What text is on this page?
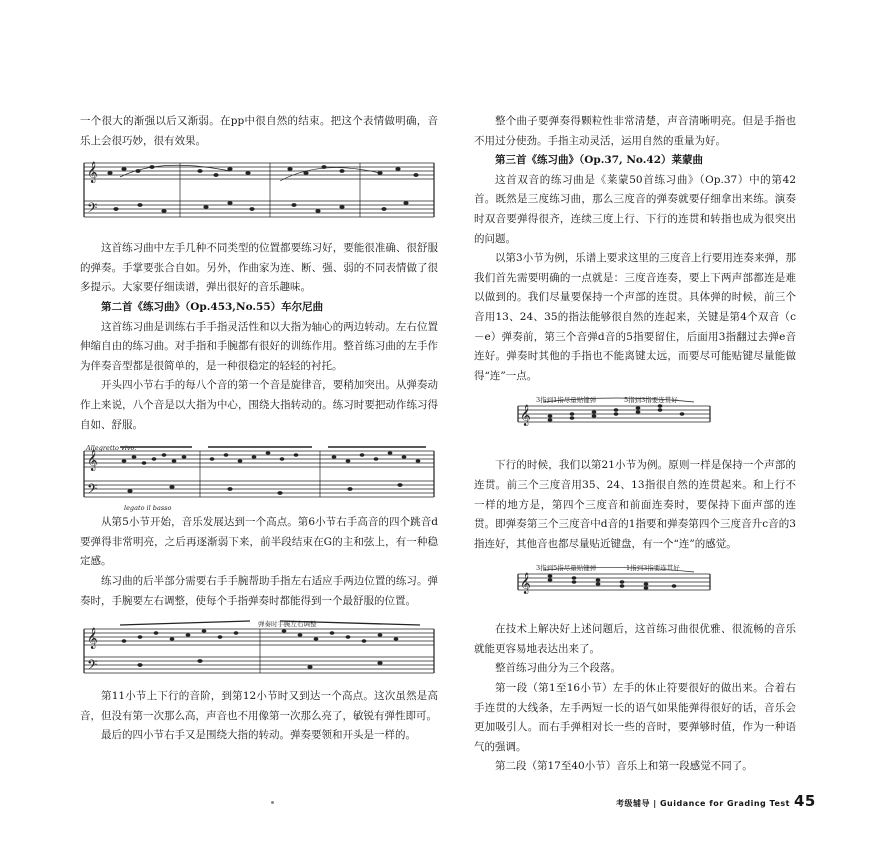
一个很大的渐强以后又渐弱。在pp中很自然的结束。把这个表情做明确，音乐上会很巧妙，很有效果。

𝄞
𝄢

这首练习曲中左手几种不同类型的位置都要练习好，要能很准确、很舒服的弹奏。手掌要张合自如。另外，作曲家为连、断、强、弱的不同表情做了很多提示。大家要仔细读谱，弹出很好的音乐趣味。

第二首《练习曲》（Op.453,No.55）车尔尼曲

这首练习曲是训练右手手指灵活性和以大指为轴心的两边转动。左右位置伸缩自由的练习曲。对手指和手腕都有很好的训练作用。整首练习曲的左手作为伴奏音型都是很简单的，是一种很稳定的轻轻的衬托。

开头四小节右手的每八个音的第一个音是旋律音，要稍加突出。从弹奏动作上来说，八个音是以大指为中心，围绕大指转动的。练习时要把动作练习得自如、舒服。

Allegretto vivo.
𝄞
𝄢
legato il basso

从第5小节开始，音乐发展达到一个高点。第6小节右手高音的四个跳音d要弹得非常明亮，之后再逐渐弱下来，前半段结束在G的主和弦上，有一种稳定感。

练习曲的后半部分需要右手手腕帮助手指左右适应手两边位置的练习。弹奏时，手腕要左右调整，使每个手指弹奏时都能得到一个最舒服的位置。

弹奏时手腕左右调整
𝄞
𝄢

第11小节上下行的音阶，到第12小节时又到达一个高点。这次虽然是高音，但没有第一次那么高，声音也不用像第一次那么亮了，敏锐有弹性即可。

最后的四小节右手又是围绕大指的转动。弹奏要领和开头是一样的。

整个曲子要弹奏得颗粒性非常清楚，声音清晰明亮。但是手指也不用过分使劲。手指主动灵活，运用自然的重量为好。

第三首《练习曲》（Op.37, No.42）莱蒙曲

这首双音的练习曲是《莱蒙50首练习曲》（Op.37）中的第42首。既然是三度练习曲，那么三度音的弹奏就要仔细拿出来练。演奏时双音要弹得很齐，连续三度上行、下行的连贯和转指也成为很突出的问题。

以第3小节为例，乐谱上要求这里的三度音上行要用连奏来弹，那我们首先需要明确的一点就是：三度音连奏，要上下两声部都连是难以做到的。我们尽量要保持一个声部的连贯。具体弹的时候，前三个音用13、24、35的指法能够很自然的连起来，关键是第4个双音（c－e）弹奏前，第三个音弹d音的5指要留住，后面用3指翻过去弹e音连好。弹奏时其他的手指也不能离键太远，而要尽可能贴键尽量能做得“连”一点。

3指到1指尽量贴键弹	5指到3指要连贯好
𝄞

下行的时候，我们以第21小节为例。原则一样是保持一个声部的连贯。前三个三度音用35、24、13指很自然的连贯起来。和上行不一样的地方是，第四个三度音和前面连奏时，要保持下面声部的连贯。即弹奏第三个三度音中d音的1指要和弹奏第四个三度音升c音的3指连好，其他音也都尽量贴近键盘，有一个“连”的感觉。

3指到5指尽量贴键弹	1指到3指要连贯好
𝄞

在技术上解决好上述问题后，这首练习曲很优雅、很流畅的音乐就能更容易地表达出来了。

整首练习曲分为三个段落。

第一段（第1至16小节）左手的休止符要很好的做出来。合着右手连贯的大线条，左手两短一长的语气如果能弹得很好的话，音乐会更加吸引人。而右手弹相对长一些的音时，要弹够时值，作为一种语气的强调。

第二段（第17至40小节）音乐上和第一段感觉不同了。

考级辅导 | Guidance for Grading Test 45
